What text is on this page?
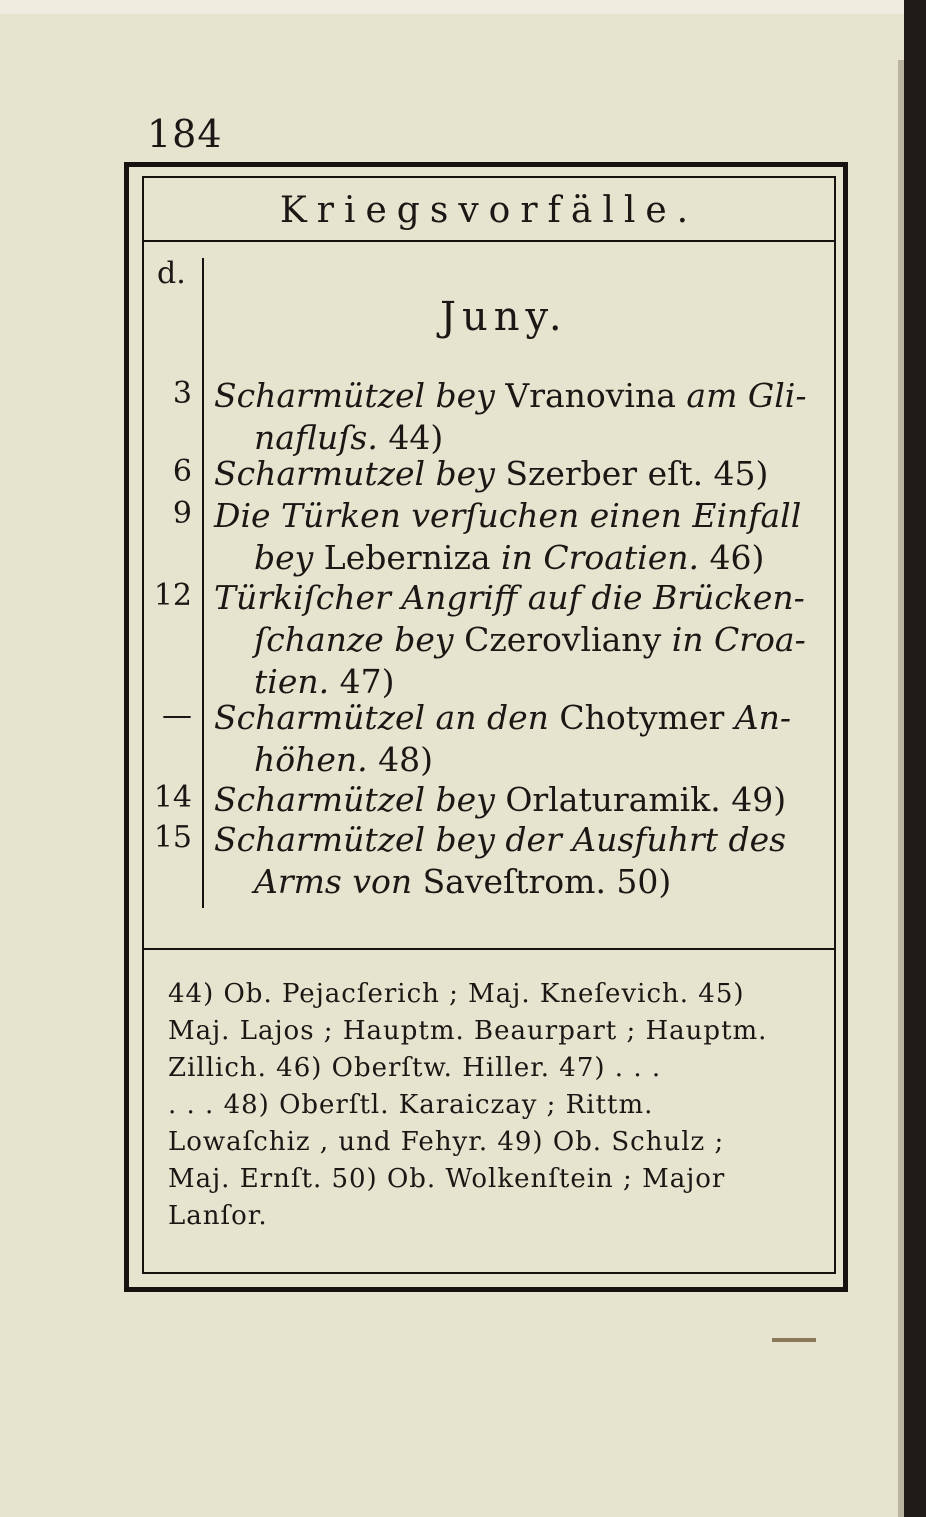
184
Kriegsvorfälle.
d.
Juny.
3 Scharmützel bey Vranovina am Gli-
nafluſs. 44)
6 Scharmutzel bey Szerber eſt. 45)
9 Die Türken verſuchen einen Einfall
bey Leberniza in Croatien. 46)
12 Türkiſcher Angriff auf die Brücken-
ſchanze bey Czerovliany in Croa-
tien. 47)
— Scharmützel an den Chotymer An-
höhen. 48)
14 Scharmützel bey Orlaturamik. 49)
15 Scharmützel bey der Ausfuhrt des
Arms von Saveſtrom. 50)
44) Ob. Pejacſerich ; Maj. Kneſevich. 45)
Maj. Lajos ; Hauptm. Beaurpart ; Hauptm.
Zillich. 46) Oberſtw. Hiller. 47) . . .
. . . 48) Oberſtl. Karaiczay ; Rittm.
Lowaſchiz , und Fehyr. 49) Ob. Schulz ;
Maj. Ernſt. 50) Ob. Wolkenſtein ; Major
Lanſor.
